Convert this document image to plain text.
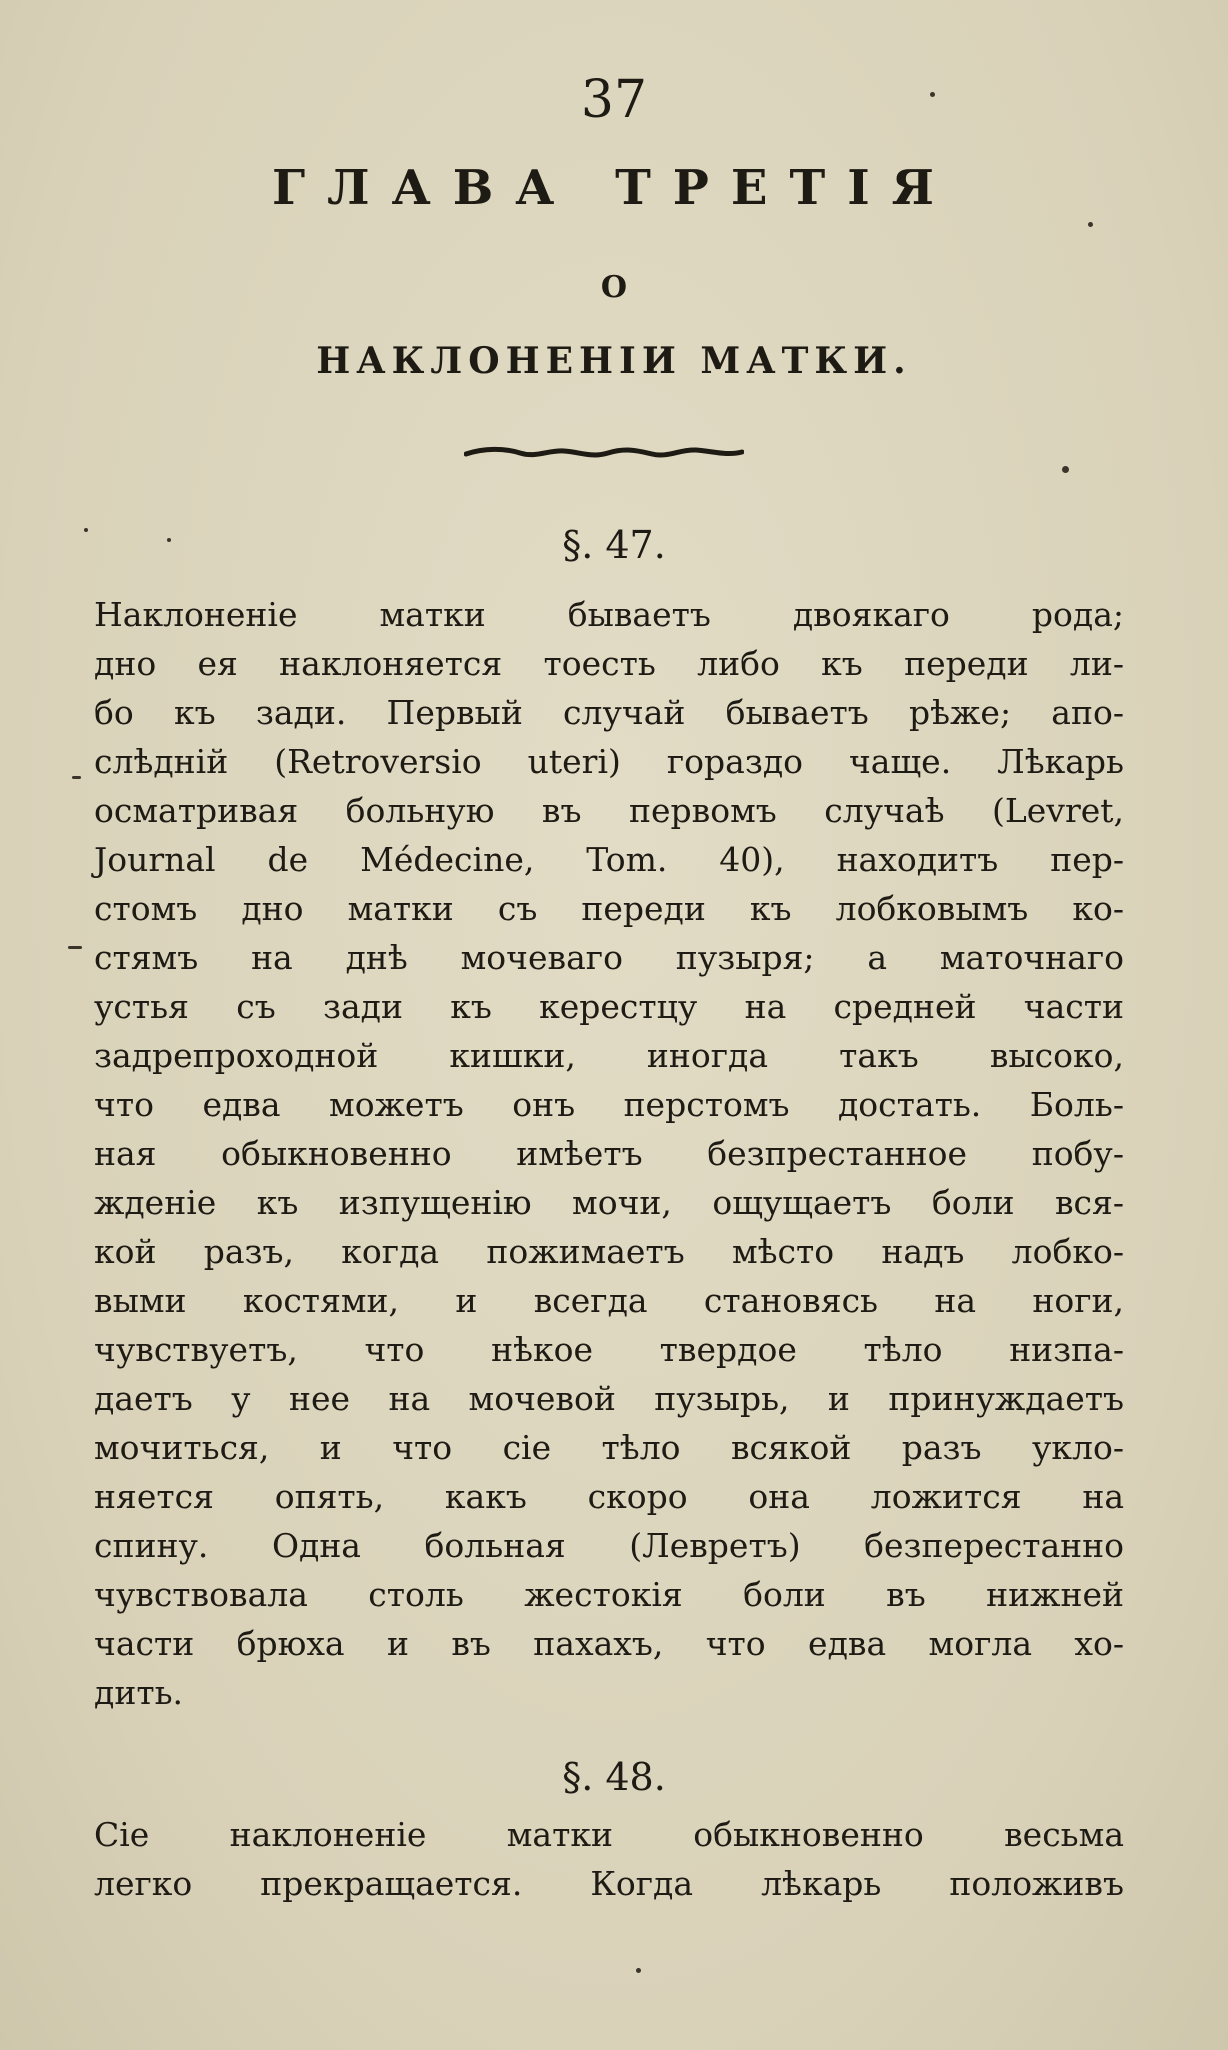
37
ГЛАВА ТРЕТІЯ
О
НАКЛОНЕНІИ МАТКИ.
§. 47.
Наклоненіе матки бываетъ двоякаго рода;
дно ея наклоняется тоесть либо къ переди ли-
бо къ зади. Первый случай бываетъ рѣже; апо-
слѣдній (Retroversio uteri) гораздо чаще. Лѣкарь
осматривая больную въ первомъ случаѣ (Levret,
Journal de Médecine, Tom. 40), находитъ пер-
стомъ дно матки съ переди къ лобковымъ ко-
стямъ на днѣ мочеваго пузыря; а маточнаго
устья съ зади къ керестцу на средней части
задрепроходной кишки, иногда такъ высоко,
что едва можетъ онъ перстомъ достать. Боль-
ная обыкновенно имѣетъ безпрестанное побу-
жденіе къ изпущенію мочи, ощущаетъ боли вся-
кой разъ, когда пожимаетъ мѣсто надъ лобко-
выми костями, и всегда становясь на ноги,
чувствуетъ, что нѣкое твердое тѣло низпа-
даетъ у нее на мочевой пузырь, и принуждаетъ
мочиться, и что сіе тѣло всякой разъ укло-
няется опять, какъ скоро она ложится на
спину. Одна больная (Левретъ) безперестанно
чувствовала столь жестокія боли въ нижней
части брюха и въ пахахъ, что едва могла хо-
дить.
§. 48.
Сіе наклоненіе матки обыкновенно весьма
легко прекращается. Когда лѣкарь положивъ
